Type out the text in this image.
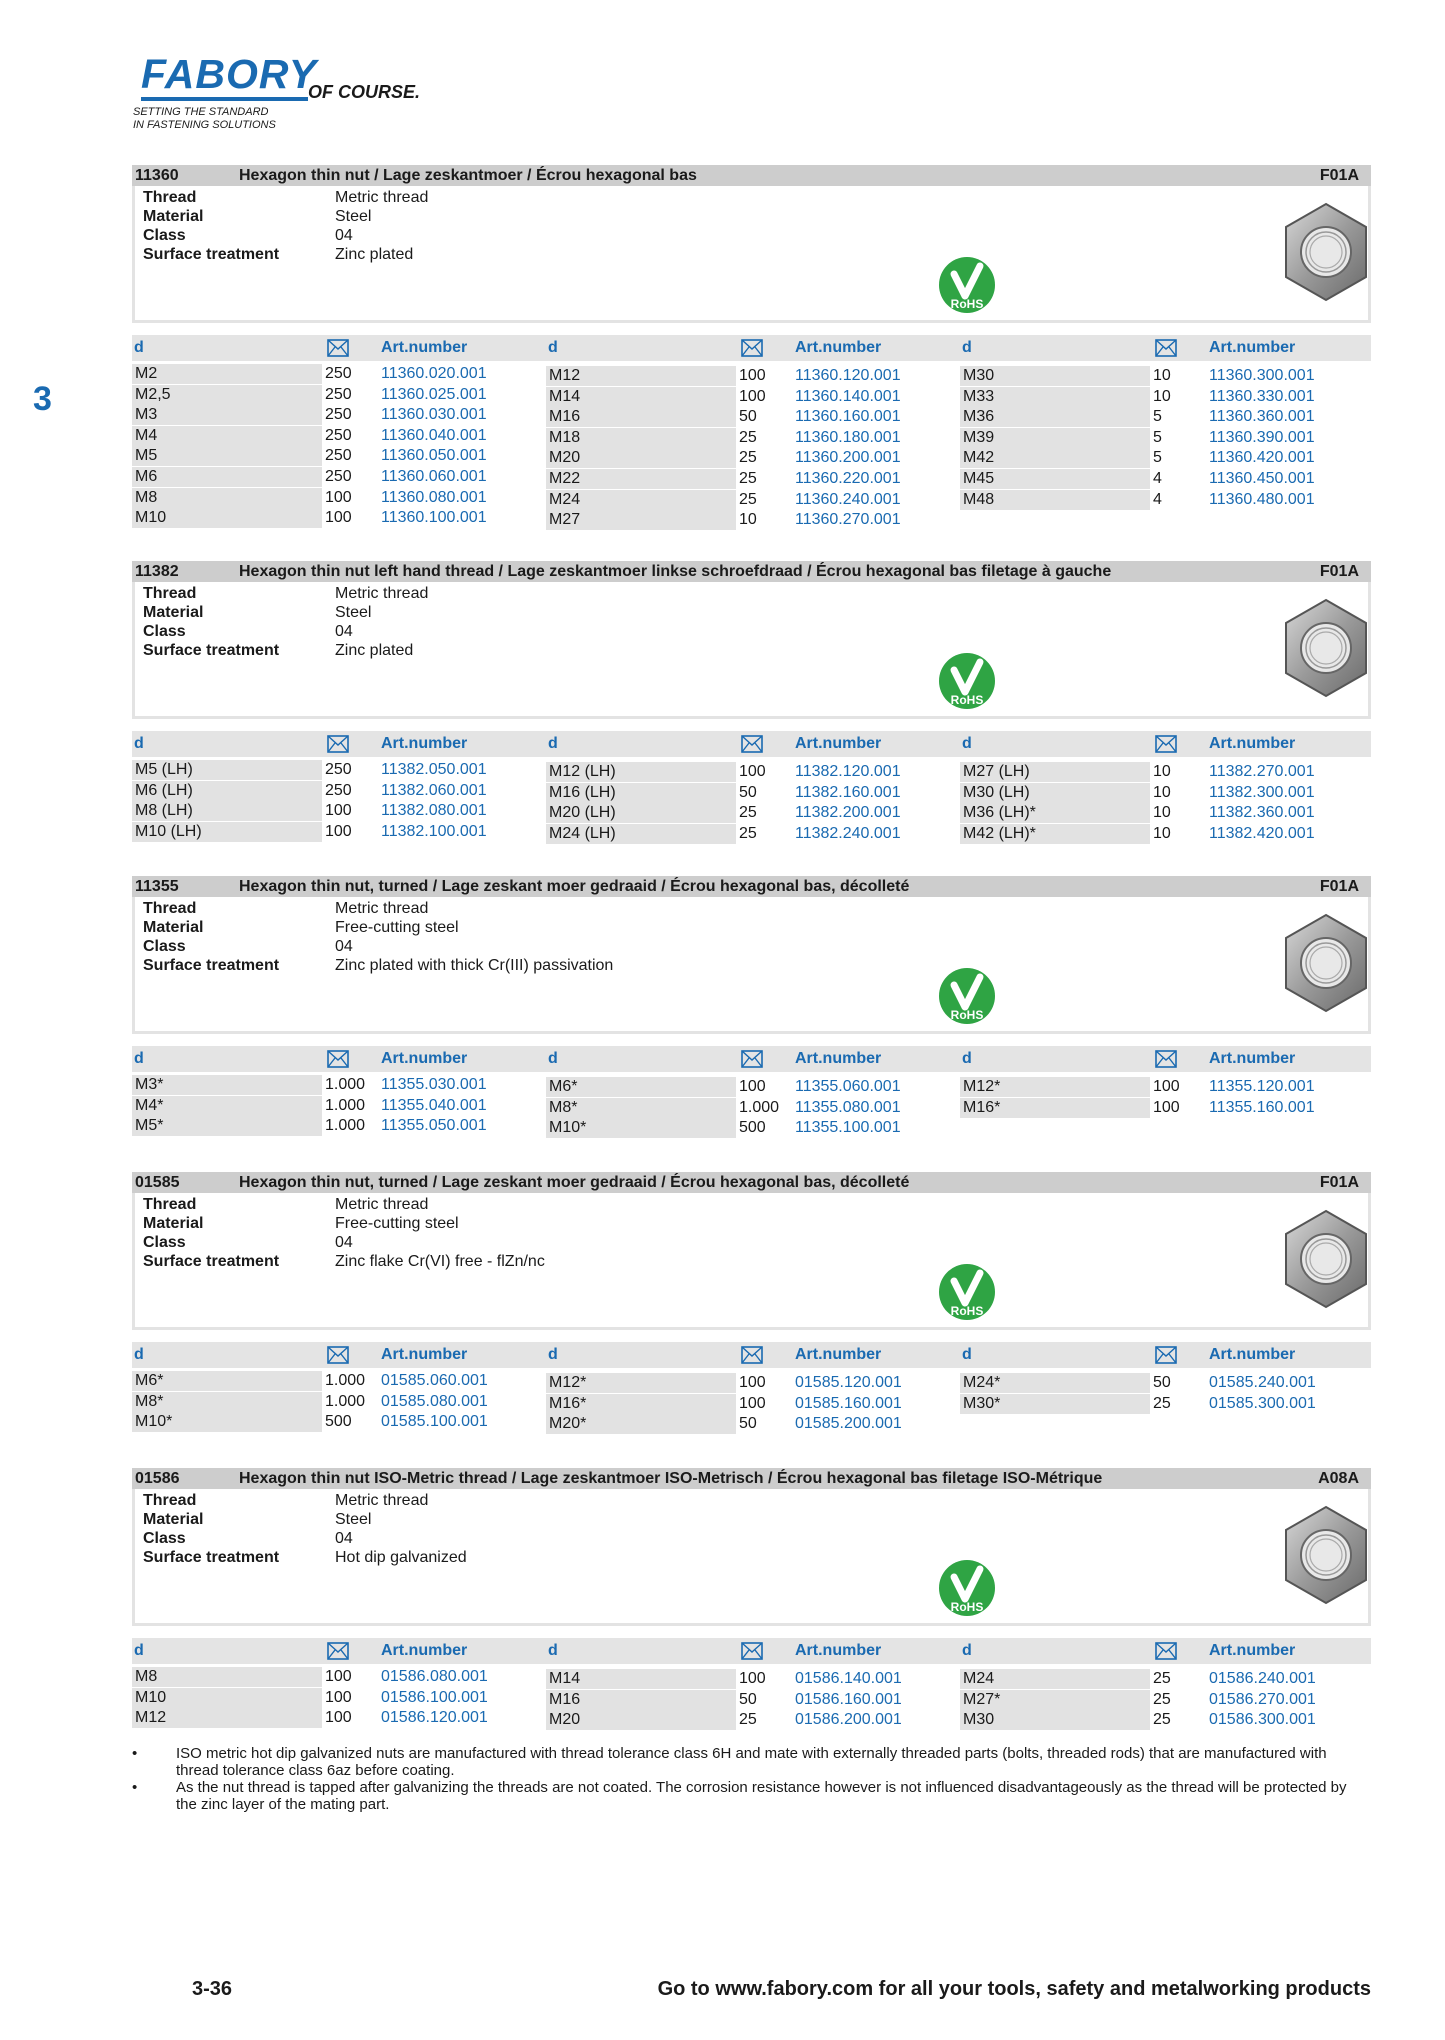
FABORY
OF COURSE.
SETTING THE STANDARD
IN FASTENING SOLUTIONS
3
11360	Hexagon thin nut / Lage zeskantmoer / Écrou hexagonal bas	F01A
Thread	Metric thread
Material	Steel
Class	04
Surface treatment	Zinc plated
RoHS
d	Art.number	d	Art.number	d	Art.number
M2	250 11360.020.001
M2,5	250 11360.025.001
M3	250 11360.030.001
M4	250 11360.040.001
M5	250 11360.050.001
M6	250 11360.060.001
M8	100 11360.080.001
M10	100 11360.100.001
M12	100 11360.120.001
M14	100 11360.140.001
M16	50 11360.160.001
M18	25 11360.180.001
M20	25 11360.200.001
M22	25 11360.220.001
M24	25 11360.240.001
M27	10 11360.270.001
M30	10 11360.300.001
M33	10 11360.330.001
M36	5	11360.360.001
M39	5	11360.390.001
M42	5	11360.420.001
M45	4	11360.450.001
M48	4	11360.480.001
11382	Hexagon thin nut left hand thread / Lage zeskantmoer linkse schroefdraad / Écrou hexagonal bas filetage à gauche	F01A
Thread	Metric thread
Material	Steel
Class	04
Surface treatment	Zinc plated
RoHS
d	Art.number	d	Art.number	d	Art.number
M5 (LH)	250 11382.050.001
M6 (LH)	250 11382.060.001
M8 (LH)	100 11382.080.001
M10 (LH)	100 11382.100.001
M12 (LH)	100 11382.120.001
M16 (LH)	50 11382.160.001
M20 (LH)	25 11382.200.001
M24 (LH)	25 11382.240.001
M27 (LH)	10 11382.270.001
M30 (LH)	10 11382.300.001
M36 (LH)*	10 11382.360.001
M42 (LH)*	10 11382.420.001
11355	Hexagon thin nut, turned / Lage zeskant moer gedraaid / Écrou hexagonal bas, décolleté	F01A
Thread	Metric thread
Material	Free-cutting steel
Class	04
Surface treatment	Zinc plated with thick Cr(III) passivation
RoHS
d	Art.number	d	Art.number	d	Art.number
M3*	1.000 11355.030.001
M4*	1.000 11355.040.001
M5*	1.000 11355.050.001
M6*	100 11355.060.001
M8*	1.000 11355.080.001
M10*	500 11355.100.001
M12*	100 11355.120.001
M16*	100 11355.160.001
01585	Hexagon thin nut, turned / Lage zeskant moer gedraaid / Écrou hexagonal bas, décolleté	F01A
Thread	Metric thread
Material	Free-cutting steel
Class	04
Surface treatment	Zinc flake Cr(VI) free - flZn/nc
RoHS
d	Art.number	d	Art.number	d	Art.number
M6*	1.000 01585.060.001
M8*	1.000 01585.080.001
M10*	500 01585.100.001
M12*	100 01585.120.001
M16*	100 01585.160.001
M20*	50 01585.200.001
M24*	50 01585.240.001
M30*	25 01585.300.001
01586	Hexagon thin nut ISO-Metric thread / Lage zeskantmoer ISO-Metrisch / Écrou hexagonal bas filetage ISO-Métrique	A08A
Thread	Metric thread
Material	Steel
Class	04
Surface treatment	Hot dip galvanized
RoHS
d	Art.number	d	Art.number	d	Art.number
M8	100 01586.080.001
M10	100 01586.100.001
M12	100 01586.120.001
M14	100 01586.140.001
M16	50 01586.160.001
M20	25 01586.200.001
M24	25 01586.240.001
M27*	25 01586.270.001
M30	25 01586.300.001
•	ISO metric hot dip galvanized nuts are manufactured with thread tolerance class 6H and mate with externally threaded parts (bolts, threaded rods) that are manufactured with thread tolerance class 6az before coating.
•	As the nut thread is tapped after galvanizing the threads are not coated. The corrosion resistance however is not influenced disadvantageously as the thread will be protected by the zinc layer of the mating part.
3-36	Go to www.fabory.com for all your tools, safety and metalworking products
